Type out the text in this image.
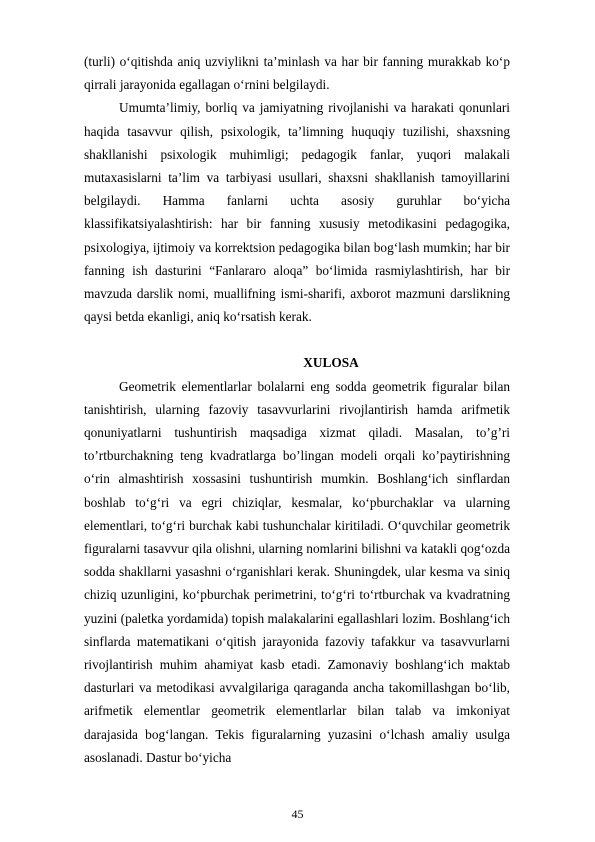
(turli) o‘qitishda aniq uzviylikni ta’minlash va har bir fanning murakkab ko‘p qirrali jarayonida egallagan o‘rnini belgilaydi.

Umumta’limiy, borliq va jamiyatning rivojlanishi va harakati qonunlari haqida tasavvur qilish, psixologik, ta’limning huquqiy tuzilishi, shaxsning shakllanishi psixologik muhimligi; pedagogik fanlar, yuqori malakali mutaxasislarni ta’lim va tarbiyasi usullari, shaxsni shakllanish tamoyillarini belgilaydi. Hamma fanlarni uchta asosiy guruhlar bo‘yicha klassifikatsiyalashtirish: har bir fanning xususiy metodikasini pedagogika, psixologiya, ijtimoiy va korrektsion pedagogika bilan bog‘lash mumkin; har bir fanning ish dasturini “Fanlararo aloqa” bo‘limida rasmiylashtirish, har bir mavzuda darslik nomi, muallifning ismi-sharifi, axborot mazmuni darslikning qaysi betda ekanligi, aniq ko‘rsatish kerak.

XULOSA

Geometrik elementlarlar bolalarni eng sodda geometrik figuralar bilan tanishtirish, ularning fazoviy tasavvurlarini rivojlantirish hamda arifmetik qonuniyatlarni tushuntirish maqsadiga xizmat qiladi. Masalan, to’g’ri to’rtburchakning teng kvadratlarga bo’lingan modeli orqali ko’paytirishning o‘rin almashtirish xossasini tushuntirish mumkin. Boshlang‘ich sinflardan boshlab to‘g‘ri va egri chiziqlar, kesmalar, ko‘pburchaklar va ularning elementlari, to‘g‘ri burchak kabi tushunchalar kiritiladi. O‘quvchilar geometrik figuralarni tasavvur qila olishni, ularning nomlarini bilishni va katakli qog‘ozda sodda shakllarni yasashni o‘rganishlari kerak. Shuningdek, ular kesma va siniq chiziq uzunligini, ko‘pburchak perimetrini, to‘g‘ri to‘rtburchak va kvadratning yuzini (paletka yordamida) topish malakalarini egallashlari lozim. Boshlang‘ich sinflarda matematikani o‘qitish jarayonida fazoviy tafakkur va tasavvurlarni rivojlantirish muhim ahamiyat kasb etadi. Zamonaviy boshlang‘ich maktab dasturlari va metodikasi avvalgilariga qaraganda ancha takomillashgan bo‘lib, arifmetik elementlar geometrik elementlarlar bilan talab va imkoniyat darajasida bog‘langan. Tekis figuralarning yuzasini o‘lchash amaliy usulga asoslanadi. Dastur bo‘yicha

45
